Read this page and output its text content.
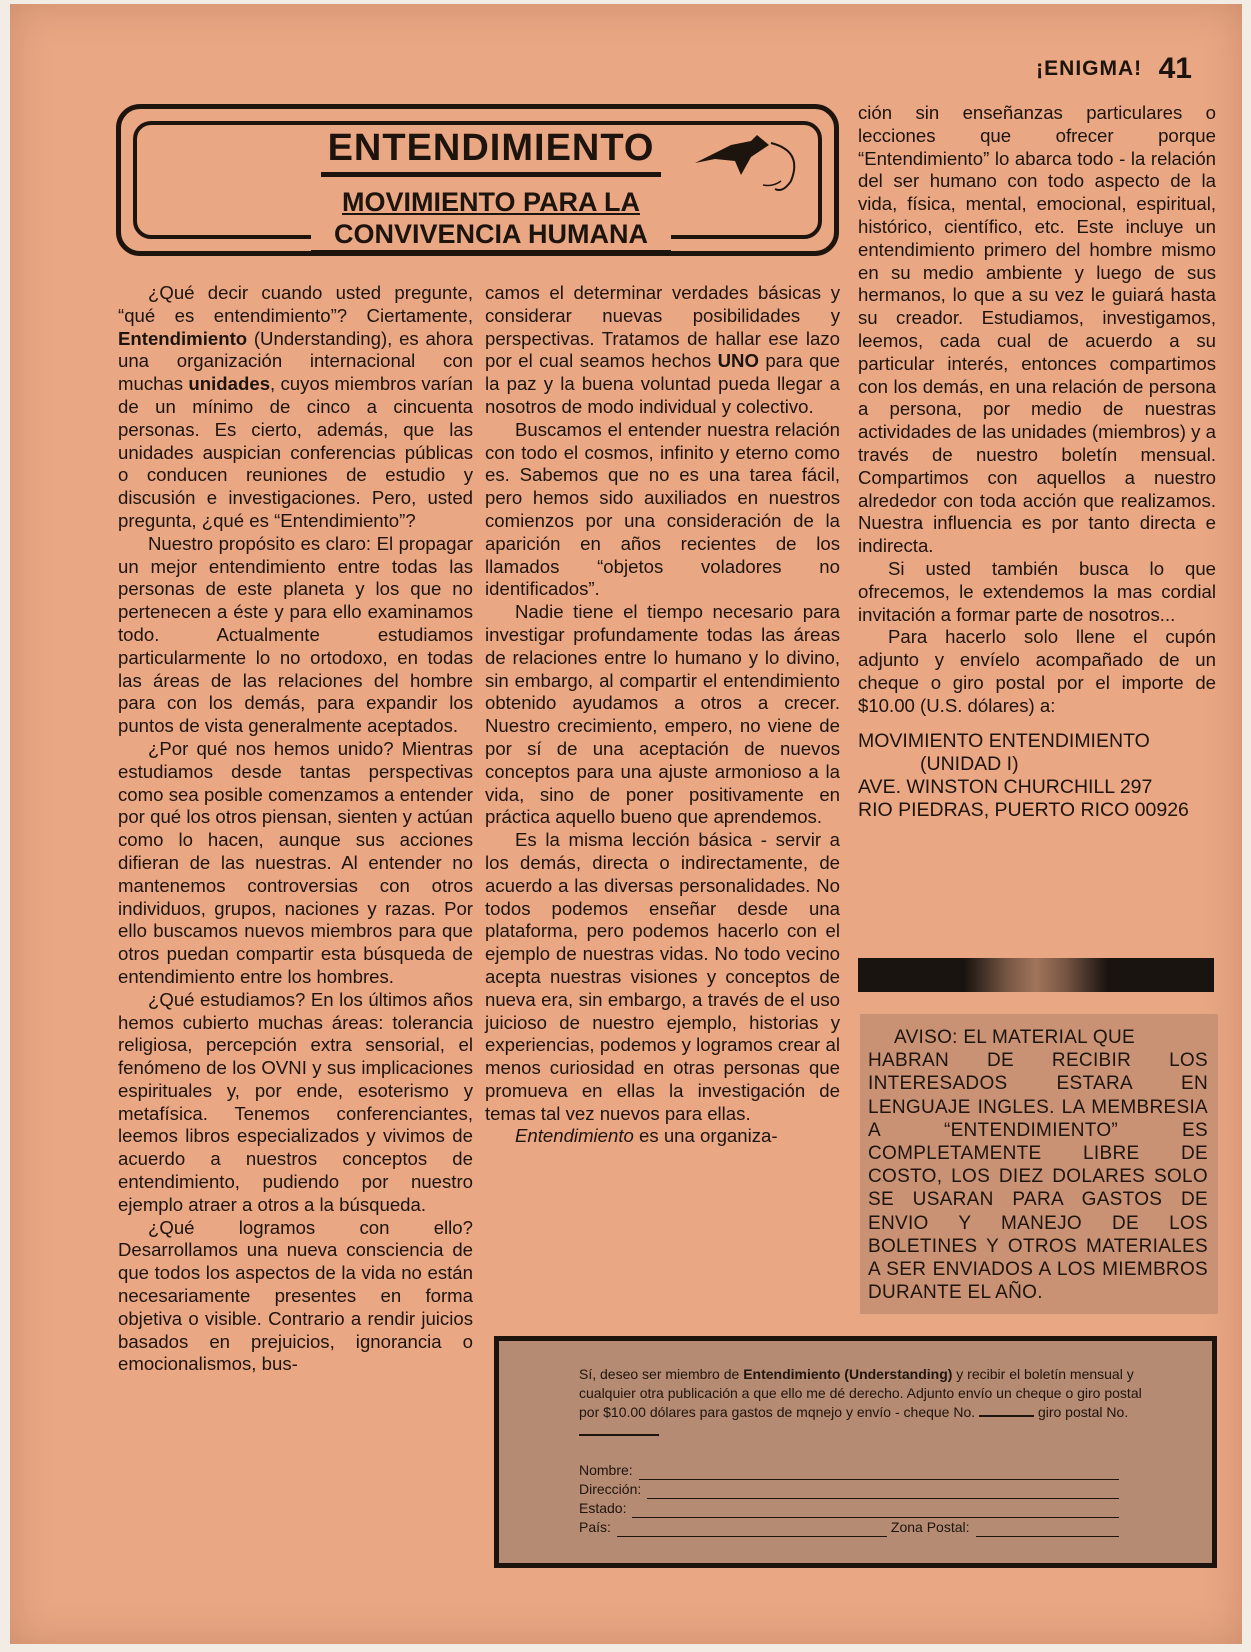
¡ENIGMA! 41
ENTENDIMIENTO
MOVIMIENTO PARA LA
CONVIVENCIA HUMANA

¿Qué decir cuando usted pregunte, “qué es entendimiento”? Ciertamente, Entendimiento (Understanding), es ahora una organización internacional con muchas unidades, cuyos miembros varían de un mínimo de cinco a cincuenta personas. Es cierto, además, que las unidades auspician conferencias públicas o conducen reuniones de estudio y discusión e investigaciones. Pero, usted pregunta, ¿qué es “Entendimiento”?

Nuestro propósito es claro: El propagar un mejor entendimiento entre todas las personas de este planeta y los que no pertenecen a éste y para ello examinamos todo. Actualmente estudiamos particularmente lo no ortodoxo, en todas las áreas de las relaciones del hombre para con los demás, para expandir los puntos de vista generalmente aceptados.

¿Por qué nos hemos unido? Mientras estudiamos desde tantas perspectivas como sea posible comenzamos a entender por qué los otros piensan, sienten y actúan como lo hacen, aunque sus acciones difieran de las nuestras. Al entender no mantenemos controversias con otros individuos, grupos, naciones y razas. Por ello buscamos nuevos miembros para que otros puedan compartir esta búsqueda de entendimiento entre los hombres.

¿Qué estudiamos? En los últimos años hemos cubierto muchas áreas: tolerancia religiosa, percepción extra sensorial, el fenómeno de los OVNI y sus implicaciones espirituales y, por ende, esoterismo y metafísica. Tenemos conferenciantes, leemos libros especializados y vivimos de acuerdo a nuestros conceptos de entendimiento, pudiendo por nuestro ejemplo atraer a otros a la búsqueda.

¿Qué logramos con ello? Desarrollamos una nueva consciencia de que todos los aspectos de la vida no están necesariamente presentes en forma objetiva o visible. Contrario a rendir juicios basados en prejuicios, ignorancia o emocionalismos, bus-

camos el determinar verdades básicas y considerar nuevas posibilidades y perspectivas. Tratamos de hallar ese lazo por el cual seamos hechos UNO para que la paz y la buena voluntad pueda llegar a nosotros de modo individual y colectivo.

Buscamos el entender nuestra relación con todo el cosmos, infinito y eterno como es. Sabemos que no es una tarea fácil, pero hemos sido auxiliados en nuestros comienzos por una consideración de la aparición en años recientes de los llamados “objetos voladores no identificados”.

Nadie tiene el tiempo necesario para investigar profundamente todas las áreas de relaciones entre lo humano y lo divino, sin embargo, al compartir el entendimiento obtenido ayudamos a otros a crecer. Nuestro crecimiento, empero, no viene de por sí de una aceptación de nuevos conceptos para una ajuste armonioso a la vida, sino de poner positivamente en práctica aquello bueno que aprendemos.

Es la misma lección básica - servir a los demás, directa o indirectamente, de acuerdo a las diversas personalidades. No todos podemos enseñar desde una plataforma, pero podemos hacerlo con el ejemplo de nuestras vidas. No todo vecino acepta nuestras visiones y conceptos de nueva era, sin embargo, a través de el uso juicioso de nuestro ejemplo, historias y experiencias, podemos y logramos crear al menos curiosidad en otras personas que promueva en ellas la investigación de temas tal vez nuevos para ellas.

Entendimiento es una organiza-

ción sin enseñanzas particulares o lecciones que ofrecer porque “Entendimiento” lo abarca todo - la relación del ser humano con todo aspecto de la vida, física, mental, emocional, espiritual, histórico, científico, etc. Este incluye un entendimiento primero del hombre mismo en su medio ambiente y luego de sus hermanos, lo que a su vez le guiará hasta su creador. Estudiamos, investigamos, leemos, cada cual de acuerdo a su particular interés, entonces compartimos con los demás, en una relación de persona a persona, por medio de nuestras actividades de las unidades (miembros) y a través de nuestro boletín mensual. Compartimos con aquellos a nuestro alrededor con toda acción que realizamos. Nuestra influencia es por tanto directa e indirecta.

Si usted también busca lo que ofrecemos, le extendemos la mas cordial invitación a formar parte de nosotros...

Para hacerlo solo llene el cupón adjunto y envíelo acompañado de un cheque o giro postal por el importe de $10.00 (U.S. dólares) a:

MOVIMIENTO ENTENDIMIENTO
(UNIDAD I)
AVE. WINSTON CHURCHILL 297
RIO PIEDRAS, PUERTO RICO 00926
AVISO: EL MATERIAL QUE
HABRAN DE RECIBIR LOS INTERESADOS ESTARA EN LENGUAJE INGLES. LA MEMBRESIA A “ENTENDIMIENTO” ES COMPLETAMENTE LIBRE DE COSTO, LOS DIEZ DOLARES SOLO SE USARAN PARA GASTOS DE ENVIO Y MANEJO DE LOS BOLETINES Y OTROS MATERIALES A SER ENVIADOS A LOS MIEMBROS DURANTE EL AÑO.
Sí, deseo ser miembro de Entendimiento (Understanding) y recibir el boletín mensual y cualquier otra publicación a que ello me dé derecho. Adjunto envío un cheque o giro postal por $10.00 dólares para gastos de mqnejo y envío - cheque No.	giro postal No.
Nombre:
Dirección:
Estado:
País:	Zona Postal:
